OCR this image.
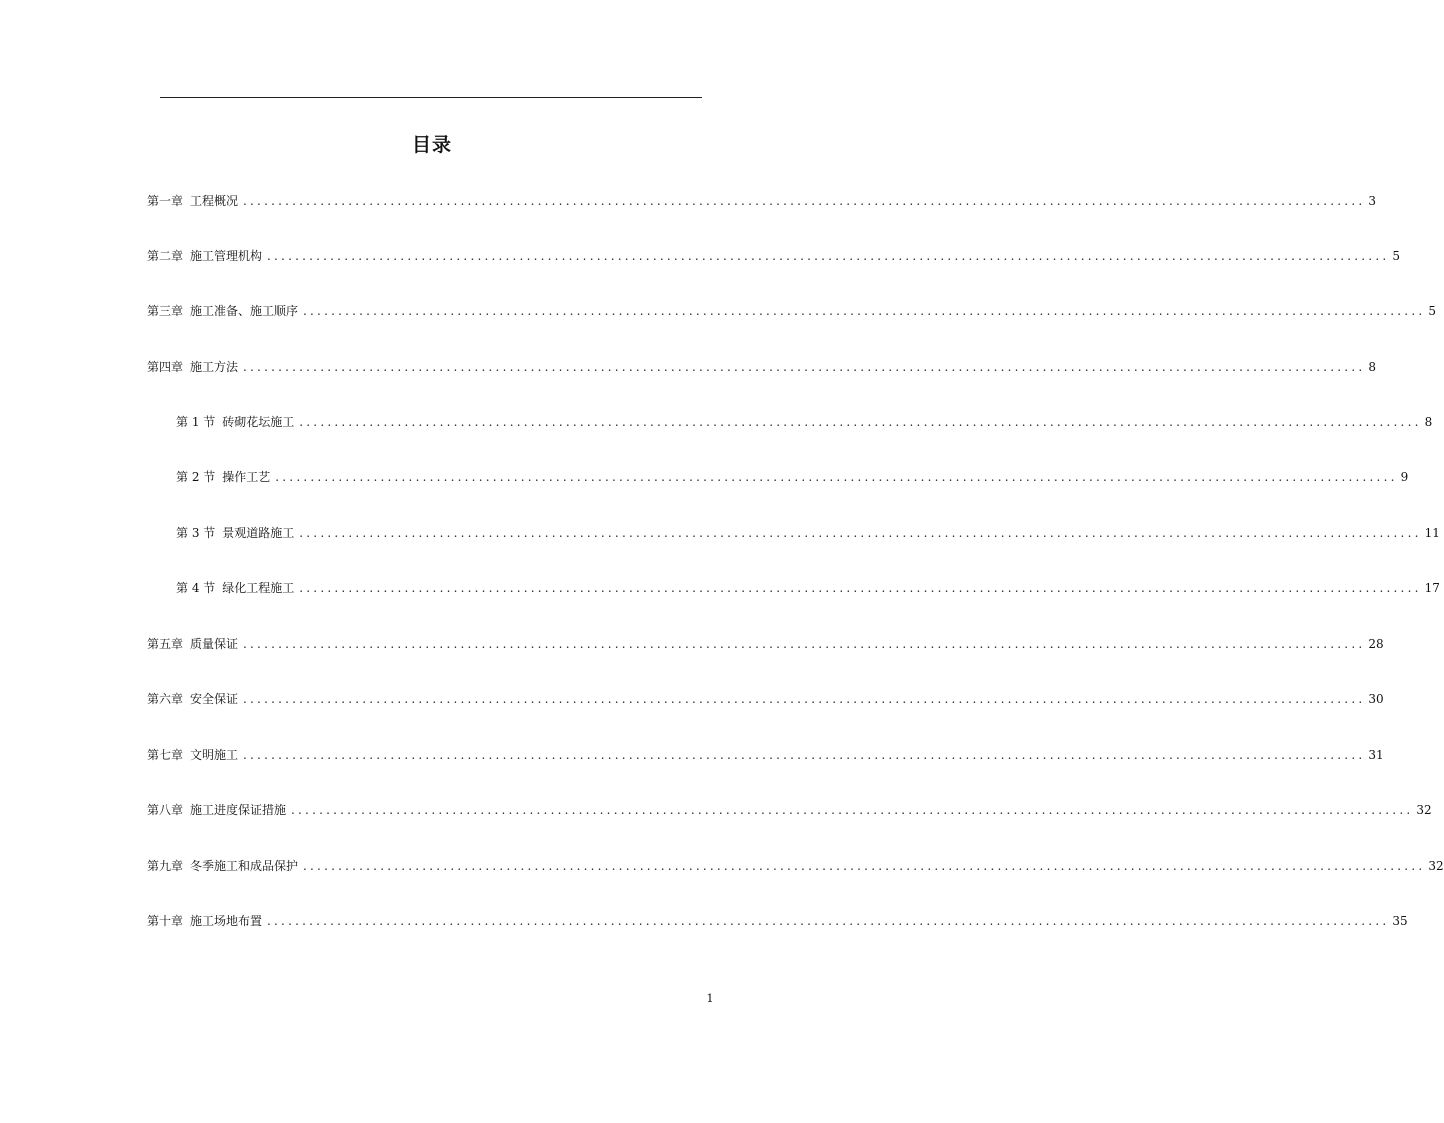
目录
第一章 工程概况 ................................................................................................................................................................ 3
第二章 施工管理机构 ................................................................................................................................................................ 5
第三章 施工准备、施工顺序 ................................................................................................................................................................ 5
第四章 施工方法 ................................................................................................................................................................ 8
第 1 节 砖砌花坛施工 ................................................................................................................................................................ 8
第 2 节 操作工艺 ................................................................................................................................................................ 9
第 3 节 景观道路施工 ................................................................................................................................................................ 11
第 4 节 绿化工程施工 ................................................................................................................................................................ 17
第五章 质量保证 ................................................................................................................................................................ 28
第六章 安全保证 ................................................................................................................................................................ 30
第七章 文明施工 ................................................................................................................................................................ 31
第八章 施工进度保证措施 ................................................................................................................................................................ 32
第九章 冬季施工和成品保护 ................................................................................................................................................................ 32
第十章 施工场地布置 ................................................................................................................................................................ 35
1
